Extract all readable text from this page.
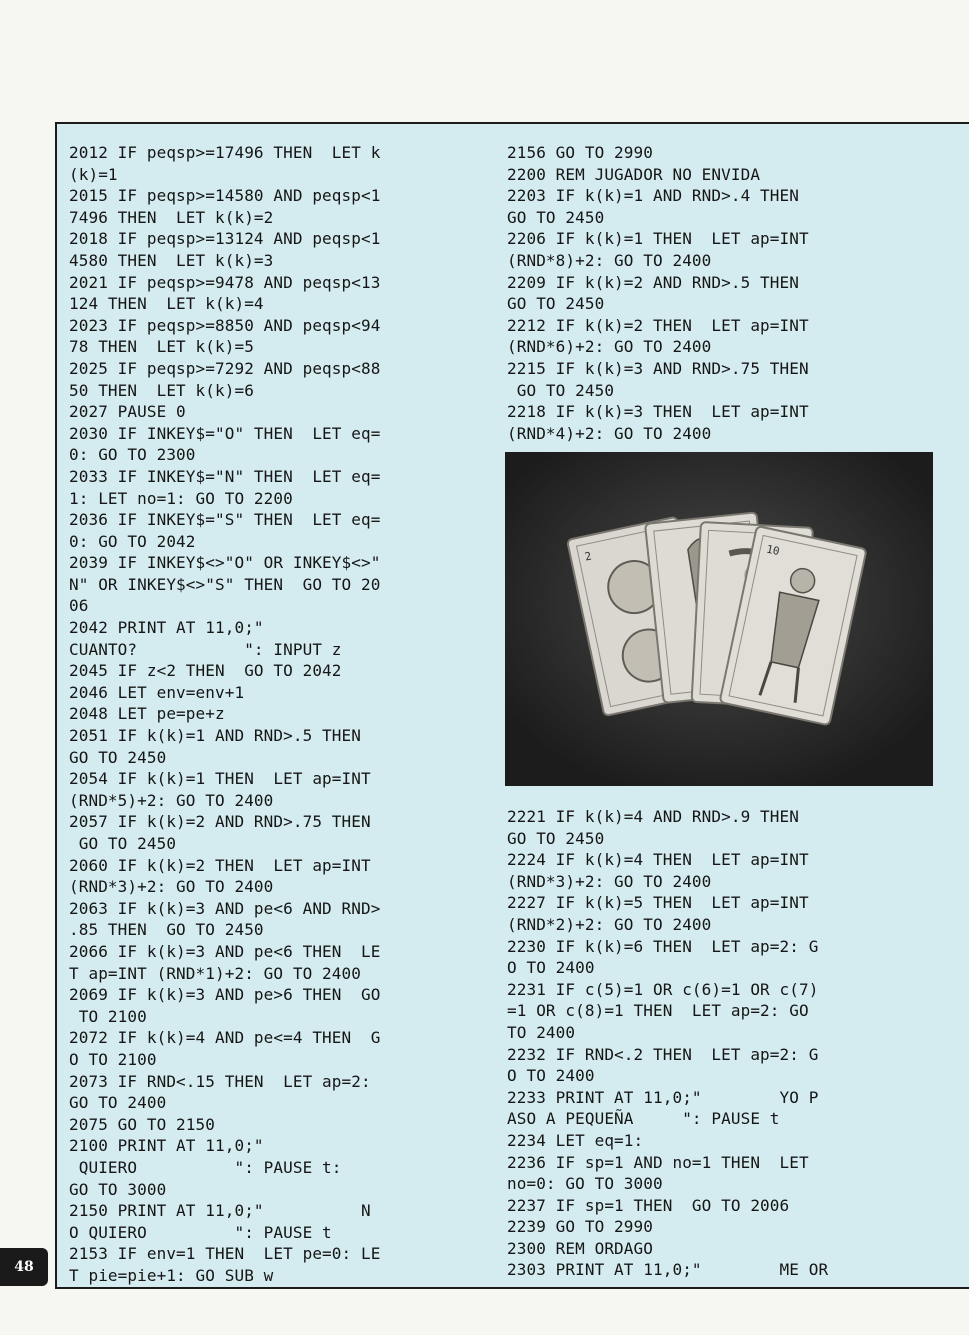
2012 IF peqsp>=17496 THEN  LET k
(k)=1
2015 IF peqsp>=14580 AND peqsp<1
7496 THEN  LET k(k)=2
2018 IF peqsp>=13124 AND peqsp<1
4580 THEN  LET k(k)=3
2021 IF peqsp>=9478 AND peqsp<13
124 THEN  LET k(k)=4
2023 IF peqsp>=8850 AND peqsp<94
78 THEN  LET k(k)=5
2025 IF peqsp>=7292 AND peqsp<88
50 THEN  LET k(k)=6
2027 PAUSE 0
2030 IF INKEY$="O" THEN  LET eq=
0: GO TO 2300
2033 IF INKEY$="N" THEN  LET eq=
1: LET no=1: GO TO 2200
2036 IF INKEY$="S" THEN  LET eq=
0: GO TO 2042
2039 IF INKEY$<>"O" OR INKEY$<>"
N" OR INKEY$<>"S" THEN  GO TO 20
06
2042 PRINT AT 11,0;"
CUANTO?           ": INPUT z
2045 IF z<2 THEN  GO TO 2042
2046 LET env=env+1
2048 LET pe=pe+z
2051 IF k(k)=1 AND RND>.5 THEN
GO TO 2450
2054 IF k(k)=1 THEN  LET ap=INT
(RND*5)+2: GO TO 2400
2057 IF k(k)=2 AND RND>.75 THEN
GO TO 2450
2060 IF k(k)=2 THEN  LET ap=INT
(RND*3)+2: GO TO 2400
2063 IF k(k)=3 AND pe<6 AND RND>
.85 THEN  GO TO 2450
2066 IF k(k)=3 AND pe<6 THEN  LE
T ap=INT (RND*1)+2: GO TO 2400
2069 IF k(k)=3 AND pe>6 THEN  GO
TO 2100
2072 IF k(k)=4 AND pe<=4 THEN  G
O TO 2100
2073 IF RND<.15 THEN  LET ap=2:
GO TO 2400
2075 GO TO 2150
2100 PRINT AT 11,0;"
QUIERO          ": PAUSE t:
GO TO 3000
2150 PRINT AT 11,0;"          N
O QUIERO         ": PAUSE t
2153 IF env=1 THEN  LET pe=0: LE
T pie=pie+1: GO SUB w
2156 GO TO 2990
2200 REM JUGADOR NO ENVIDA
2203 IF k(k)=1 AND RND>.4 THEN
GO TO 2450
2206 IF k(k)=1 THEN  LET ap=INT
(RND*8)+2: GO TO 2400
2209 IF k(k)=2 AND RND>.5 THEN
GO TO 2450
2212 IF k(k)=2 THEN  LET ap=INT
(RND*6)+2: GO TO 2400
2215 IF k(k)=3 AND RND>.75 THEN
GO TO 2450
2218 IF k(k)=3 THEN  LET ap=INT
(RND*4)+2: GO TO 2400
2	10
2221 IF k(k)=4 AND RND>.9 THEN
GO TO 2450
2224 IF k(k)=4 THEN  LET ap=INT
(RND*3)+2: GO TO 2400
2227 IF k(k)=5 THEN  LET ap=INT
(RND*2)+2: GO TO 2400
2230 IF k(k)=6 THEN  LET ap=2: G
O TO 2400
2231 IF c(5)=1 OR c(6)=1 OR c(7)
=1 OR c(8)=1 THEN  LET ap=2: GO
TO 2400
2232 IF RND<.2 THEN  LET ap=2: G
O TO 2400
2233 PRINT AT 11,0;"        YO P
ASO A PEQUEÑA     ": PAUSE t
2234 LET eq=1:
2236 IF sp=1 AND no=1 THEN  LET
no=0: GO TO 3000
2237 IF sp=1 THEN  GO TO 2006
2239 GO TO 2990
2300 REM ORDAGO
2303 PRINT AT 11,0;"        ME OR
48
